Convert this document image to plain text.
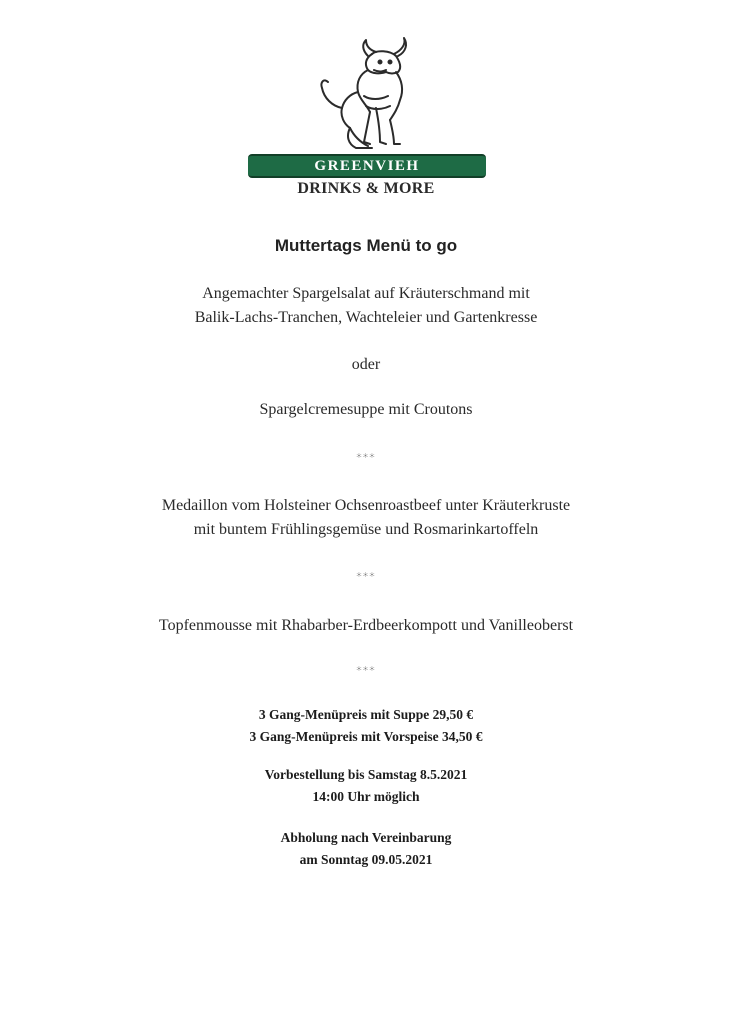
GREENVIEH
DRINKS & MORE
Muttertags Menü to go
Angemachter Spargelsalat auf Kräuterschmand mit
Balik-Lachs-Tranchen, Wachteleier und Gartenkresse
oder
Spargelcremesuppe mit Croutons
***
Medaillon vom Holsteiner Ochsenroastbeef unter Kräuterkruste
mit buntem Frühlingsgemüse und Rosmarinkartoffeln
***
Topfenmousse mit Rhabarber-Erdbeerkompott und Vanilleoberst
***
3 Gang-Menüpreis mit Suppe 29,50 €
3 Gang-Menüpreis mit Vorspeise 34,50 €
Vorbestellung bis Samstag 8.5.2021
14:00 Uhr möglich
Abholung nach Vereinbarung
am Sonntag 09.05.2021
